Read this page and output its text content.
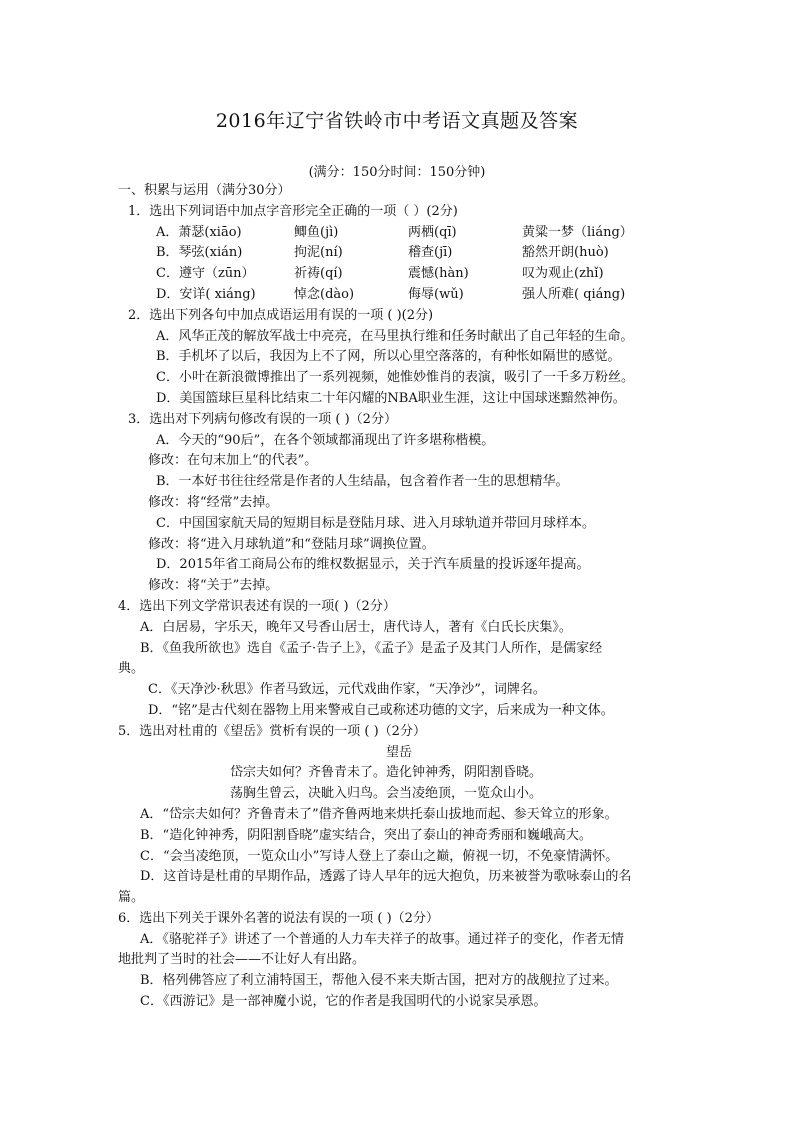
2016年辽宁省铁岭市中考语文真题及答案
(满分：150分时间：150分钟)
一、积累与运用（满分30分）
1．选出下列词语中加点字音形完全正确的一项（ ）(2分)
A．萧瑟(xiāo)	鲫鱼(jì)	两栖(qī)	黄粱一梦（liáng）
B．琴弦(xián)	拘泥(ní)	稽查(jī)	豁然开朗(huò)
C．遵守（zūn）	祈祷(qí)	震憾(hàn)	叹为观止(zhǐ)
D．安详( xiáng)	悼念(dào)	侮辱(wǔ)	强人所难( qiáng)
2．选出下列各句中加点成语运用有误的一项 ( )(2分)
A．风华正茂的解放军战士中亮亮，在马里执行维和任务时献出了自己年轻的生命。
B．手机坏了以后，我因为上不了网，所以心里空落落的，有种怅如隔世的感觉。
C．小叶在新浪微博推出了一系列视频，她惟妙惟肖的表演，吸引了一千多万粉丝。
D．美国篮球巨星科比结束二十年闪耀的NBA职业生涯，这让中国球迷黯然神伤。
3．选出对下列病句修改有误的一项 ( )（2分）
A．今天的“90后”，在各个领域都涌现出了许多堪称楷模。
修改：在句末加上“的代表”。
B．一本好书往往经常是作者的人生结晶，包含着作者一生的思想精华。
修改：将“经常”去掉。
C．中国国家航天局的短期目标是登陆月球、进入月球轨道并带回月球样本。
修改：将“进入月球轨道”和“登陆月球”调换位置。
D．2015年省工商局公布的维权数据显示，关于汽车质量的投诉逐年提高。
修改：将“关于”去掉。
4．选出下列文学常识表述有误的一项( )（2分）
A．白居易，字乐天，晚年又号香山居士，唐代诗人，著有《白氏长庆集》。
B．《鱼我所欲也》选自《孟子·告子上》，《孟子》是孟子及其门人所作，是儒家经
典。
C．《天净沙·秋思》作者马致远，元代戏曲作家，“天净沙”，词牌名。
D．“铭”是古代刻在器物上用来警戒自己或称述功德的文字，后来成为一种文体。
5．选出对杜甫的《望岳》赏析有误的一项 ( )（2分）
望岳
岱宗夫如何？齐鲁青未了。造化钟神秀，阴阳割昏晓。
荡胸生曾云，决眦入归鸟。会当凌绝顶，一览众山小。
A．“岱宗夫如何？齐鲁青未了”借齐鲁两地来烘托泰山拔地而起、参天耸立的形象。
B．“造化钟神秀，阴阳割昏晓”虚实结合，突出了泰山的神奇秀丽和巍峨高大。
C．“会当凌绝顶，一览众山小”写诗人登上了泰山之巅，俯视一切，不免豪情满怀。
D．这首诗是杜甫的早期作品，透露了诗人早年的远大抱负，历来被誉为歌咏泰山的名
篇。
6．选出下列关于课外名著的说法有误的一项 ( )（2分）
A．《骆驼祥子》讲述了一个普通的人力车夫祥子的故事。通过祥子的变化，作者无情
地批判了当时的社会——不让好人有出路。
B．格列佛答应了利立浦特国王，帮他入侵不来夫斯古国，把对方的战舰拉了过来。
C．《西游记》是一部神魔小说，它的作者是我国明代的小说家吴承恩。
